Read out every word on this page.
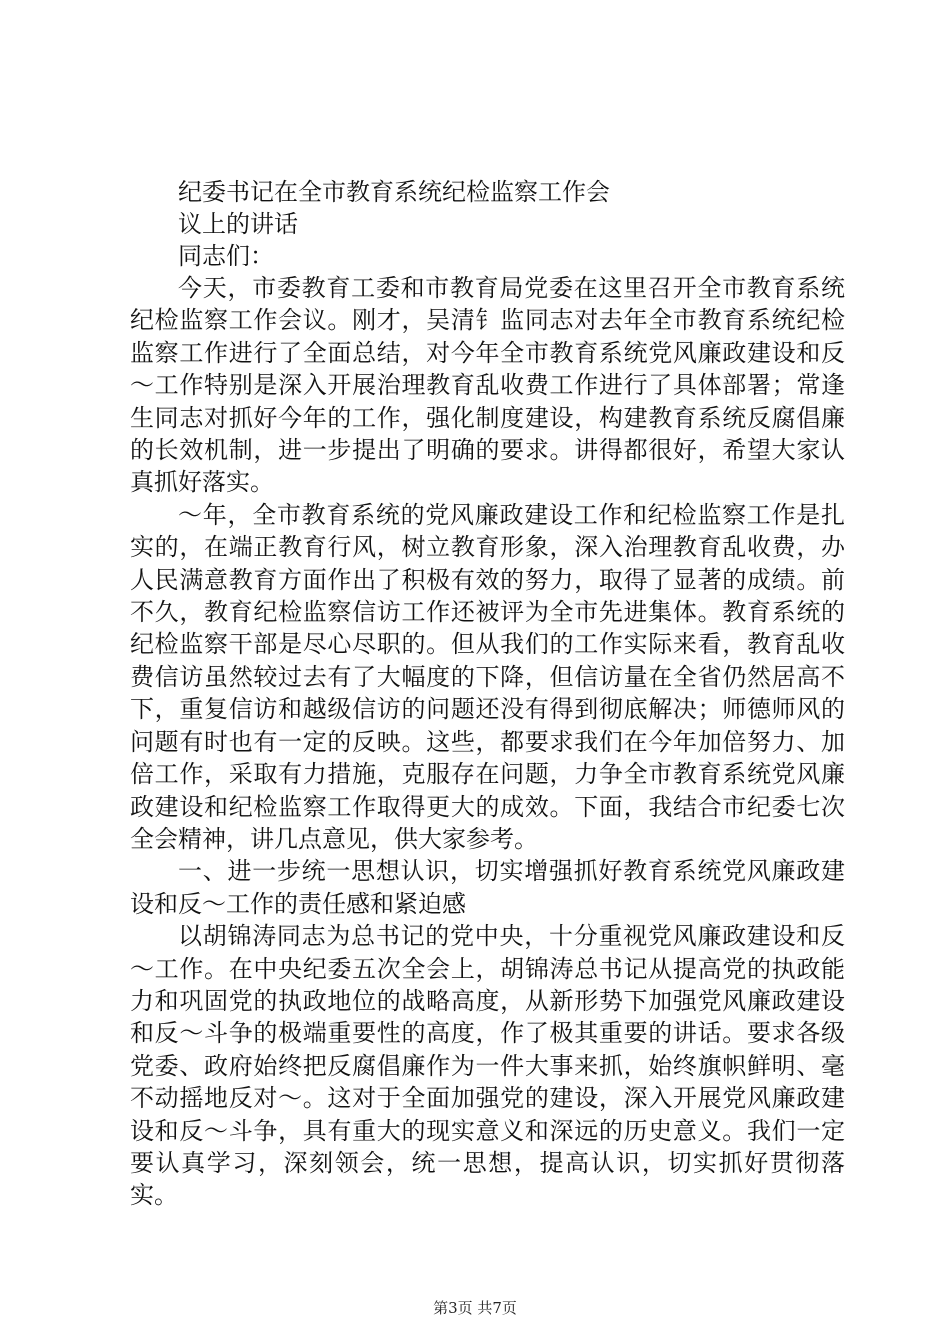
纪委书记在全市教育系统纪检监察工作会
议上的讲话

同志们：

今天，市委教育工委和市教育局党委在这里召开全市教育系统纪检监察工作会议。刚才，吴清钅监同志对去年全市教育系统纪检监察工作进行了全面总结，对今年全市教育系统党风廉政建设和反～工作特别是深入开展治理教育乱收费工作进行了具体部署；常逢生同志对抓好今年的工作，强化制度建设，构建教育系统反腐倡廉的长效机制，进一步提出了明确的要求。讲得都很好，希望大家认真抓好落实。

～年，全市教育系统的党风廉政建设工作和纪检监察工作是扎实的，在端正教育行风，树立教育形象，深入治理教育乱收费，办人民满意教育方面作出了积极有效的努力，取得了显著的成绩。前不久，教育纪检监察信访工作还被评为全市先进集体。教育系统的纪检监察干部是尽心尽职的。但从我们的工作实际来看，教育乱收费信访虽然较过去有了大幅度的下降，但信访量在全省仍然居高不下，重复信访和越级信访的问题还没有得到彻底解决；师德师风的问题有时也有一定的反映。这些，都要求我们在今年加倍努力、加倍工作，采取有力措施，克服存在问题，力争全市教育系统党风廉政建设和纪检监察工作取得更大的成效。下面，我结合市纪委七次全会精神，讲几点意见，供大家参考。

一、进一步统一思想认识，切实增强抓好教育系统党风廉政建设和反～工作的责任感和紧迫感

以胡锦涛同志为总书记的党中央，十分重视党风廉政建设和反～工作。在中央纪委五次全会上，胡锦涛总书记从提高党的执政能力和巩固党的执政地位的战略高度，从新形势下加强党风廉政建设和反～斗争的极端重要性的高度，作了极其重要的讲话。要求各级党委、政府始终把反腐倡廉作为一件大事来抓，始终旗帜鲜明、毫不动摇地反对～。这对于全面加强党的建设，深入开展党风廉政建设和反～斗争，具有重大的现实意义和深远的历史意义。我们一定要认真学习，深刻领会，统一思想，提高认识，切实抓好贯彻落实。

第3页 共7页
